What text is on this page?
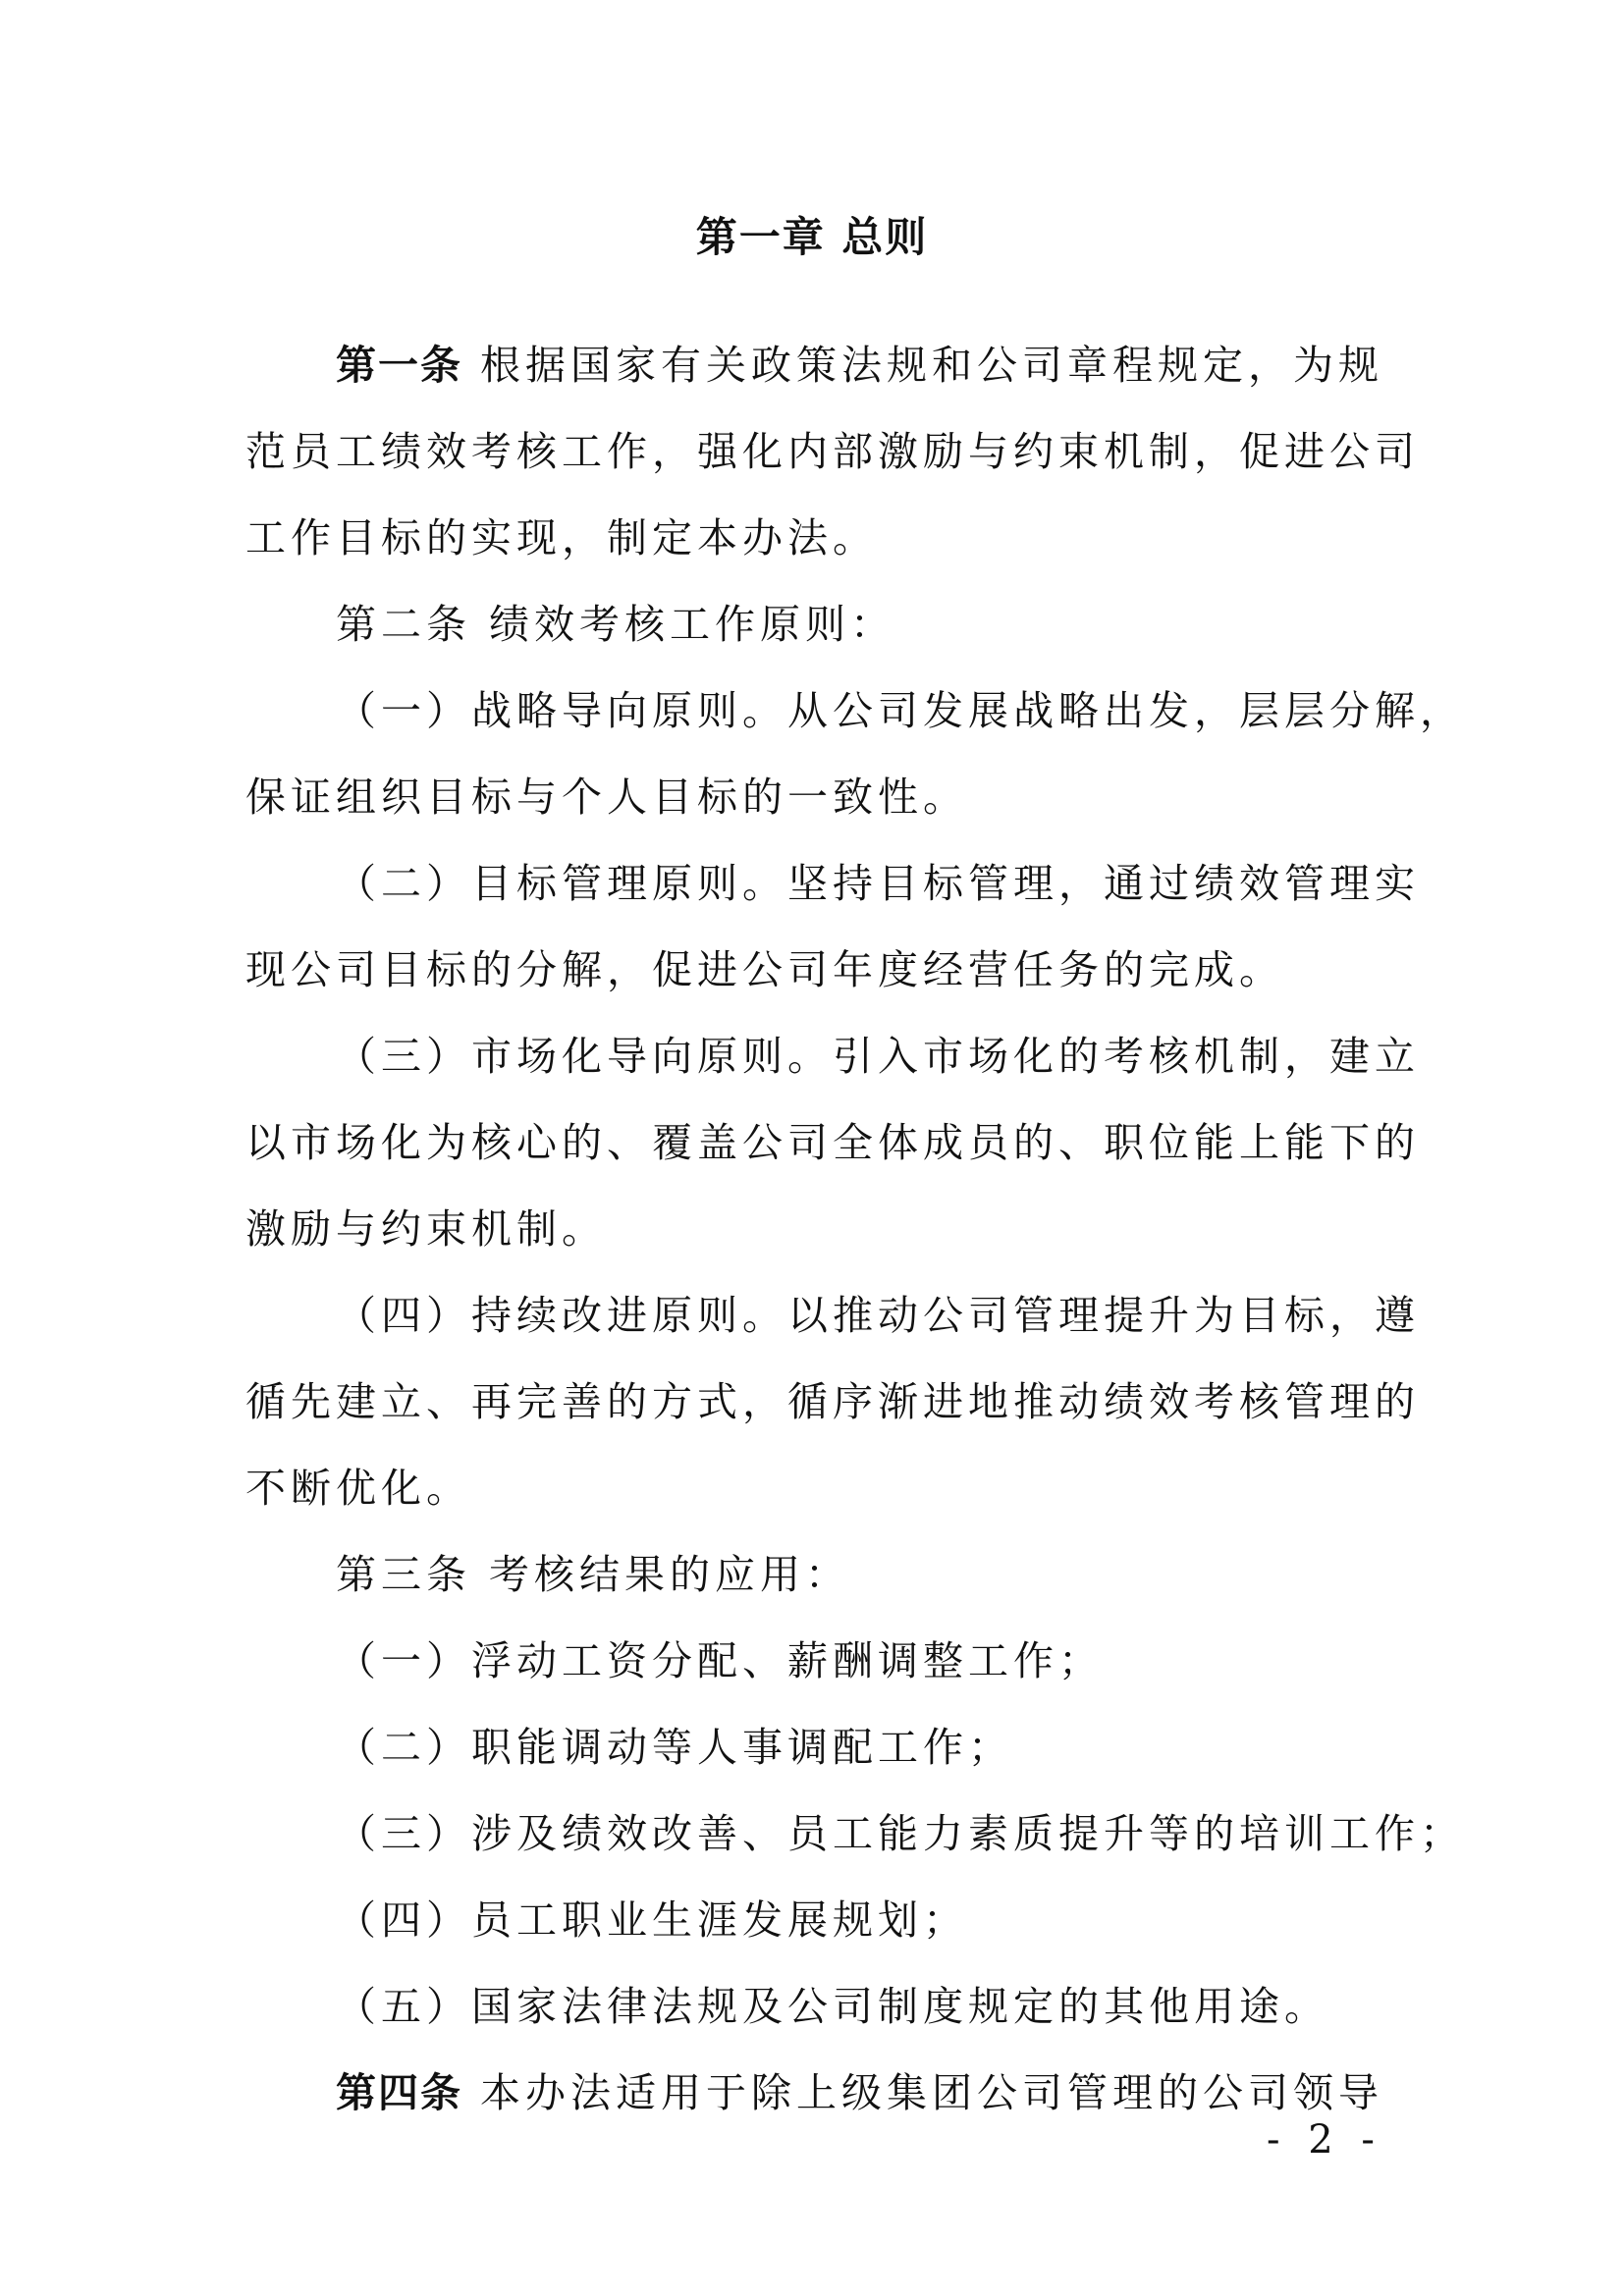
第一章 总则
第一条 根据国家有关政策法规和公司章程规定，为规
范员工绩效考核工作，强化内部激励与约束机制，促进公司
工作目标的实现，制定本办法。
第二条 绩效考核工作原则：
（一）战略导向原则。从公司发展战略出发，层层分解，
保证组织目标与个人目标的一致性。
（二）目标管理原则。坚持目标管理，通过绩效管理实
现公司目标的分解，促进公司年度经营任务的完成。
（三）市场化导向原则。引入市场化的考核机制，建立
以市场化为核心的、覆盖公司全体成员的、职位能上能下的
激励与约束机制。
（四）持续改进原则。以推动公司管理提升为目标，遵
循先建立、再完善的方式，循序渐进地推动绩效考核管理的
不断优化。
第三条 考核结果的应用：
（一）浮动工资分配、薪酬调整工作；
（二）职能调动等人事调配工作；
（三）涉及绩效改善、员工能力素质提升等的培训工作；
（四）员工职业生涯发展规划；
（五）国家法律法规及公司制度规定的其他用途。
第四条 本办法适用于除上级集团公司管理的公司领导
- 2 -
